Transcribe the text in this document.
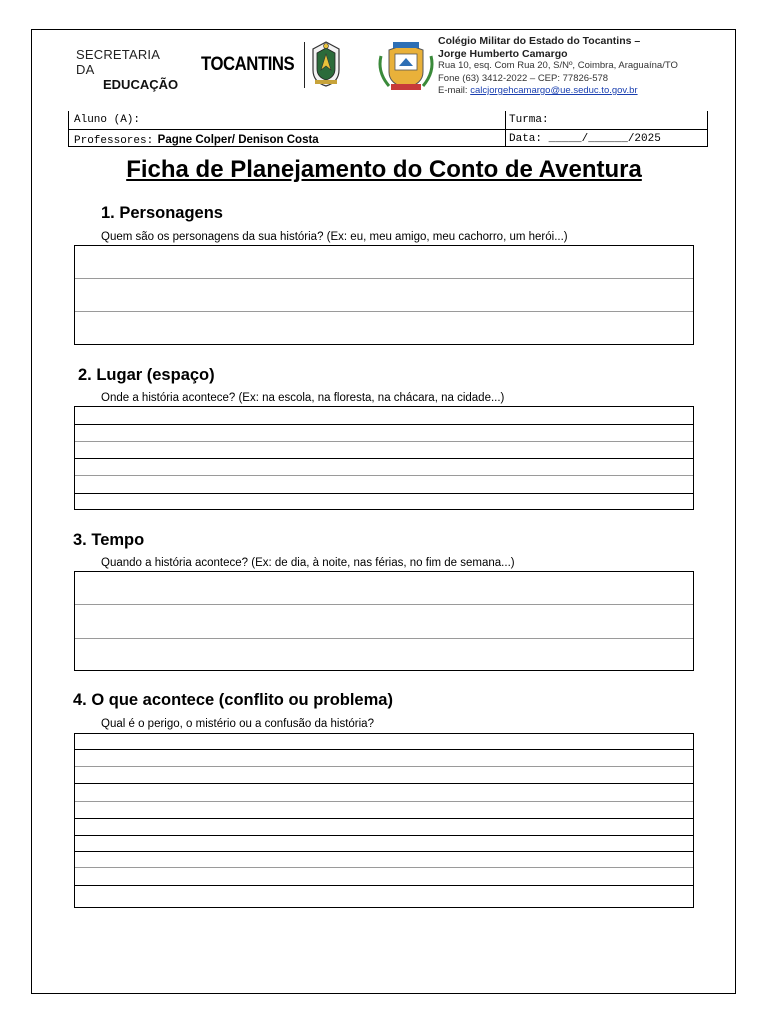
SECRETARIA DA
EDUCAÇÃO
TOCANTINS
Colégio Militar do Estado do Tocantins –
Jorge Humberto Camargo
Rua 10, esq. Com Rua 20, S/Nº, Coimbra, Araguaína/TO
Fone (63) 3412-2022 – CEP: 77826-578
E-mail: calcjorgehcamargo@ue.seduc.to.gov.br
Aluno (A):	Turma:
Professores: Pagne Colper/ Denison Costa	Data: _____/______/2025
Ficha de Planejamento do Conto de Aventura
1. Personagens
Quem são os personagens da sua história? (Ex: eu, meu amigo, meu cachorro, um herói...)
2. Lugar (espaço)
Onde a história acontece? (Ex: na escola, na floresta, na chácara, na cidade...)
3. Tempo
Quando a história acontece? (Ex: de dia, à noite, nas férias, no fim de semana...)
4. O que acontece (conflito ou problema)
Qual é o perigo, o mistério ou a confusão da história?
